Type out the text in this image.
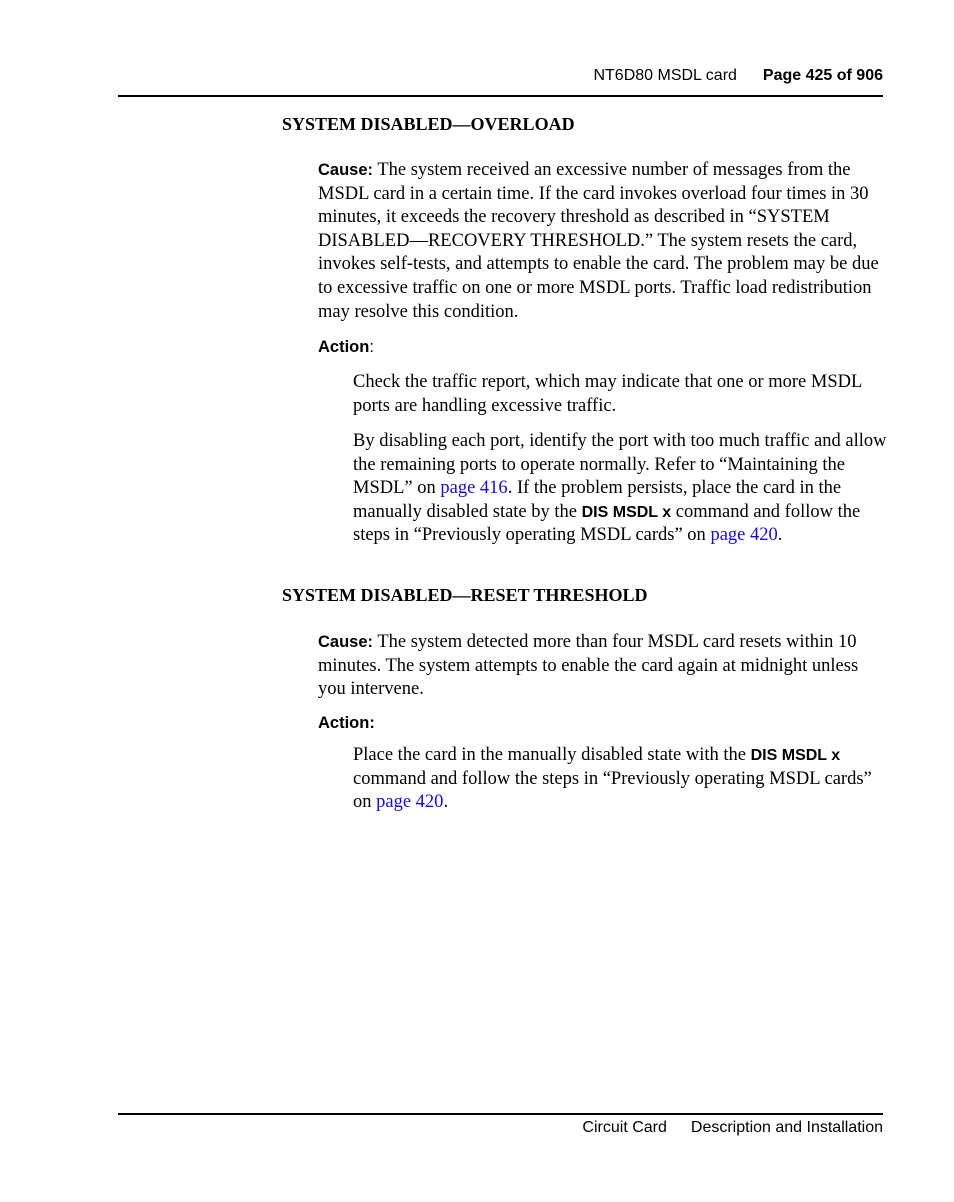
NT6D80 MSDL card Page 425 of 906
SYSTEM DISABLED—OVERLOAD

Cause: The system received an excessive number of messages from the MSDL card in a certain time. If the card invokes overload four times in 30 minutes, it exceeds the recovery threshold as described in “SYSTEM DISABLED—RECOVERY THRESHOLD.” The system resets the card, invokes self-tests, and attempts to enable the card. The problem may be due to excessive traffic on one or more MSDL ports. Traffic load redistribution may resolve this condition.

Action:

Check the traffic report, which may indicate that one or more MSDL ports are handling excessive traffic.

By disabling each port, identify the port with too much traffic and allow the remaining ports to operate normally. Refer to “Maintaining the MSDL” on page 416. If the problem persists, place the card in the manually disabled state by the DIS MSDL x command and follow the steps in “Previously operating MSDL cards” on page 420.

SYSTEM DISABLED—RESET THRESHOLD

Cause: The system detected more than four MSDL card resets within 10 minutes. The system attempts to enable the card again at midnight unless you intervene.

Action:

Place the card in the manually disabled state with the DIS MSDL x command and follow the steps in “Previously operating MSDL cards” on page 420.

Circuit Card Description and Installation
